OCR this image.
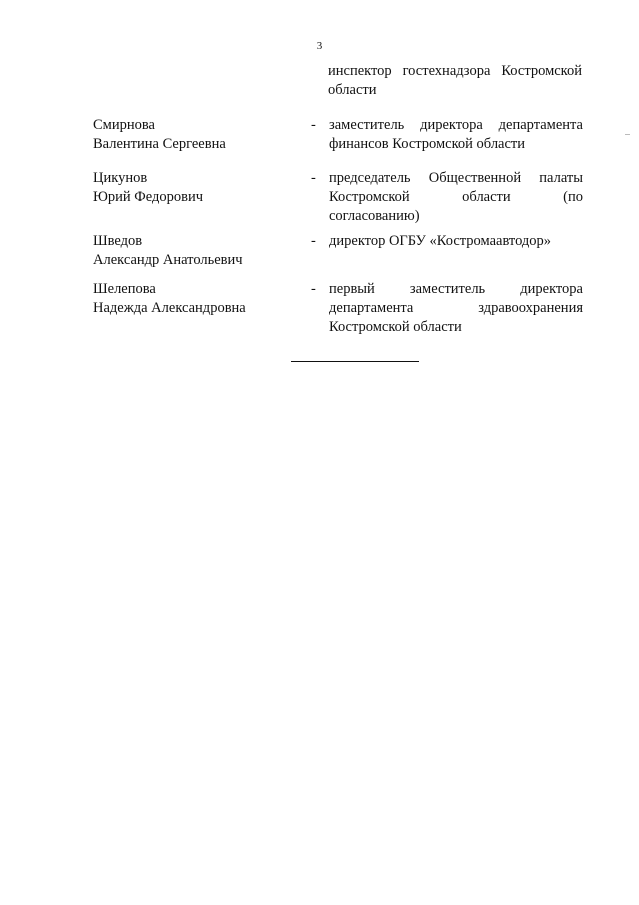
3
инспектор гостехнадзора Костромской
области
Смирнова
Валентина Сергеевна
- заместитель директора департамента
финансов Костромской области
Цикунов
Юрий Федорович
- председатель Общественной палаты
Костромской области (по
согласованию)
Шведов
Александр Анатольевич
- директор ОГБУ «Костромаавтодор»
Шелепова
Надежда Александровна
- первый заместитель директора
департамента здравоохранения
Костромской области
